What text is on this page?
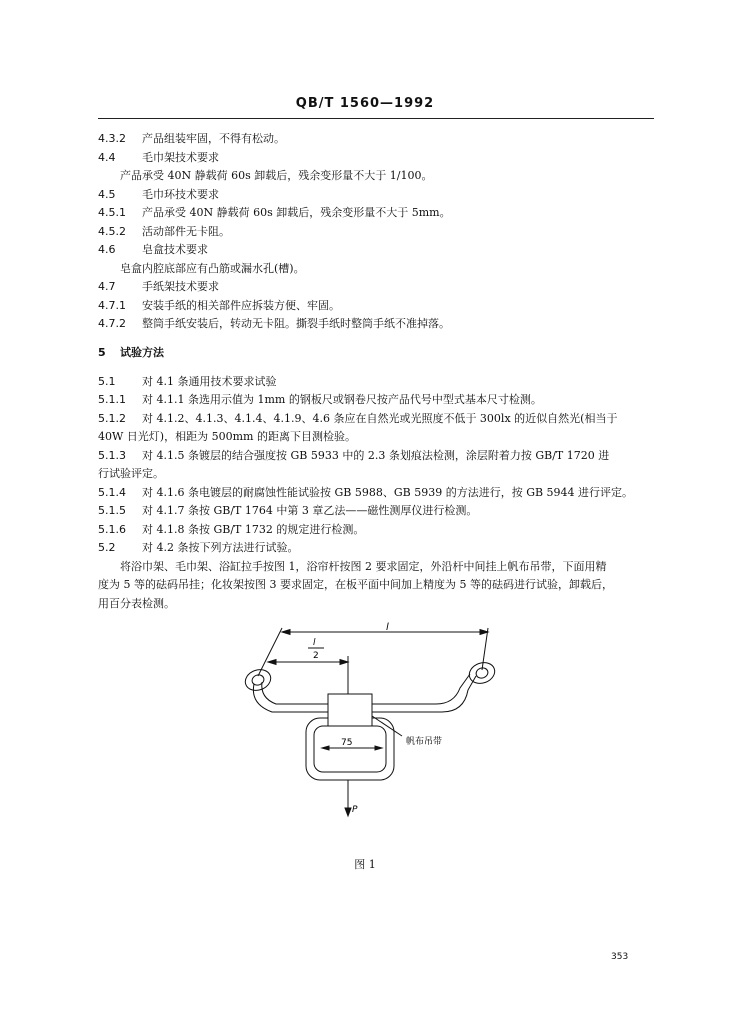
QB/T 1560—1992
4.3.2 产品组装牢固，不得有松动。
4.4 毛巾架技术要求
产品承受 40N 静载荷 60s 卸载后，残余变形量不大于 1/100。
4.5 毛巾环技术要求
4.5.1 产品承受 40N 静载荷 60s 卸载后，残余变形量不大于 5mm。
4.5.2 活动部件无卡阻。
4.6 皂盒技术要求
皂盒内腔底部应有凸筋或漏水孔(槽)。
4.7 手纸架技术要求
4.7.1 安装手纸的相关部件应拆装方便、牢固。
4.7.2 整筒手纸安装后，转动无卡阻。撕裂手纸时整筒手纸不准掉落。
5 试验方法
5.1 对 4.1 条通用技术要求试验
5.1.1 对 4.1.1 条选用示值为 1mm 的钢板尺或钢卷尺按产品代号中型式基本尺寸检测。
5.1.2 对 4.1.2、4.1.3、4.1.4、4.1.9、4.6 条应在自然光或光照度不低于 300lx 的近似自然光(相当于
40W 日光灯)，相距为 500mm 的距离下目测检验。
5.1.3 对 4.1.5 条镀层的结合强度按 GB 5933 中的 2.3 条划痕法检测，涂层附着力按 GB/T 1720 进
行试验评定。
5.1.4 对 4.1.6 条电镀层的耐腐蚀性能试验按 GB 5988、GB 5939 的方法进行，按 GB 5944 进行评定。
5.1.5 对 4.1.7 条按 GB/T 1764 中第 3 章乙法——磁性测厚仪进行检测。
5.1.6 对 4.1.8 条按 GB/T 1732 的规定进行检测。
5.2 对 4.2 条按下列方法进行试验。
将浴巾架、毛巾架、浴缸拉手按图 1，浴帘杆按图 2 要求固定，外沿杆中间挂上帆布吊带，下面用精
度为 5 等的砝码吊挂；化妆架按图 3 要求固定，在板平面中间加上精度为 5 等的砝码进行试验，卸载后，
用百分表检测。
l
l
2
75	帆布吊带
P
图 1
353
